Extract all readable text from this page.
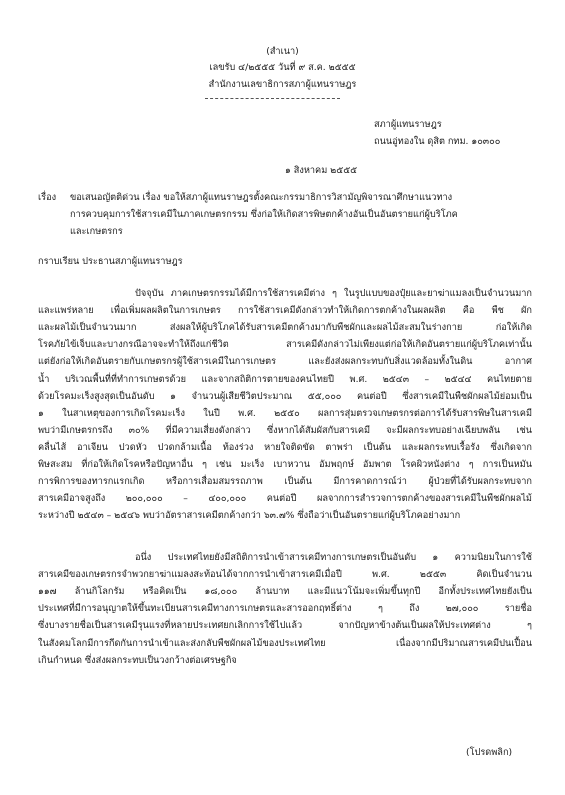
(สำเนา)
เลขรับ ๔/๒๕๕๕ วันที่ ๙ ส.ค. ๒๕๕๕
สำนักงานเลขาธิการสภาผู้แทนราษฎร
สภาผู้แทนราษฎร
ถนนอู่ทองใน ดุสิต กทม. ๑๐๓๐๐
๑ สิงหาคม ๒๕๕๕
เรื่อง ขอเสนอญัตติด่วน เรื่อง ขอให้สภาผู้แทนราษฎรตั้งคณะกรรมาธิการวิสามัญพิจารณาศึกษาแนวทาง
การควบคุมการใช้สารเคมีในภาคเกษตรกรรม ซึ่งก่อให้เกิดสารพิษตกค้างอันเป็นอันตรายแก่ผู้บริโภค
และเกษตรกร
กราบเรียน ประธานสภาผู้แทนราษฎร
ปัจจุบัน ภาคเกษตรกรรมได้มีการใช้สารเคมีต่าง ๆ ในรูปแบบของปุ๋ยและยาฆ่าแมลงเป็นจำนวนมาก
และแพร่หลาย เพื่อเพิ่มผลผลิตในการเกษตร การใช้สารเคมีดังกล่าวทำให้เกิดการตกค้างในผลผลิต คือ พืช ผัก
และผลไม้เป็นจำนวนมาก ส่งผลให้ผู้บริโภคได้รับสารเคมีตกค้างมากับพืชผักและผลไม้สะสมในร่างกาย ก่อให้เกิด
โรคภัยไข้เจ็บและบางกรณีอาจจะทำให้ถึงแก่ชีวิต สารเคมีดังกล่าวไม่เพียงแต่ก่อให้เกิดอันตรายแก่ผู้บริโภคเท่านั้น
แต่ยังก่อให้เกิดอันตรายกับเกษตรกรผู้ใช้สารเคมีในการเกษตร และยังส่งผลกระทบกับสิ่งแวดล้อมทั้งในดิน อากาศ
น้ำ บริเวณพื้นที่ที่ทำการเกษตรด้วย และจากสถิติการตายของคนไทยปี พ.ศ. ๒๕๔๓ – ๒๕๔๔ คนไทยตาย
ด้วยโรคมะเร็งสูงสุดเป็นอันดับ ๑ จำนวนผู้เสียชีวิตประมาณ ๕๕,๐๐๐ คนต่อปี ซึ่งสารเคมีในพืชผักผลไม้ย่อมเป็น
๑ ในสาเหตุของการเกิดโรคมะเร็ง ในปี พ.ศ. ๒๕๕๐ ผลการสุ่มตรวจเกษตรกรต่อการได้รับสารพิษในสารเคมี
พบว่ามีเกษตรกรถึง ๓๐% ที่มีความเสี่ยงดังกล่าว ซึ่งหากได้สัมผัสกับสารเคมี จะมีผลกระทบอย่างเฉียบพลัน เช่น
คลื่นไส้ อาเจียน ปวดหัว ปวดกล้ามเนื้อ ท้องร่วง หายใจติดขัด ตาพร่า เป็นต้น และผลกระทบเรื้อรัง ซึ่งเกิดจาก
พิษสะสม ที่ก่อให้เกิดโรคหรือปัญหาอื่น ๆ เช่น มะเร็ง เบาหวาน อัมพฤกษ์ อัมพาต โรคผิวหนังต่าง ๆ การเป็นหมัน
การพิการของทารกแรกเกิด หรือการเสื่อมสมรรถภาพ เป็นต้น มีการคาดการณ์ว่า ผู้ป่วยที่ได้รับผลกระทบจาก
สารเคมีอาจสูงถึง ๒๐๐,๐๐๐ – ๔๐๐,๐๐๐ คนต่อปี ผลจากการสำรวจการตกค้างของสารเคมีในพืชผักผลไม้
ระหว่างปี ๒๕๔๓ – ๒๕๔๖ พบว่าอัตราสารเคมีตกค้างกว่า ๖๓.๗% ซึ่งถือว่าเป็นอันตรายแก่ผู้บริโภคอย่างมาก
อนึ่ง ประเทศไทยยังมีสถิติการนำเข้าสารเคมีทางการเกษตรเป็นอันดับ ๑ ความนิยมในการใช้
สารเคมีของเกษตรกรจำพวกยาฆ่าแมลงสะท้อนได้จากการนำเข้าสารเคมีเมื่อปี พ.ศ. ๒๕๕๓ คิดเป็นจำนวน
๑๑๗ ล้านกิโลกรัม หรือคิดเป็น ๑๘,๐๐๐ ล้านบาท และมีแนวโน้มจะเพิ่มขึ้นทุกปี อีกทั้งประเทศไทยยังเป็น
ประเทศที่มีการอนุญาตให้ขึ้นทะเบียนสารเคมีทางการเกษตรและสารออกฤทธิ์ต่าง ๆ ถึง ๒๗,๐๐๐ รายชื่อ
ซึ่งบางรายชื่อเป็นสารเคมีรุนแรงที่หลายประเทศยกเลิกการใช้ไปแล้ว จากปัญหาข้างต้นเป็นผลให้ประเทศต่าง ๆ
ในสังคมโลกมีการกีดกันการนำเข้าและส่งกลับพืชผักผลไม้ของประเทศไทย เนื่องจากมีปริมาณสารเคมีปนเปื้อน
เกินกำหนด ซึ่งส่งผลกระทบเป็นวงกว้างต่อเศรษฐกิจ
(โปรดพลิก)
